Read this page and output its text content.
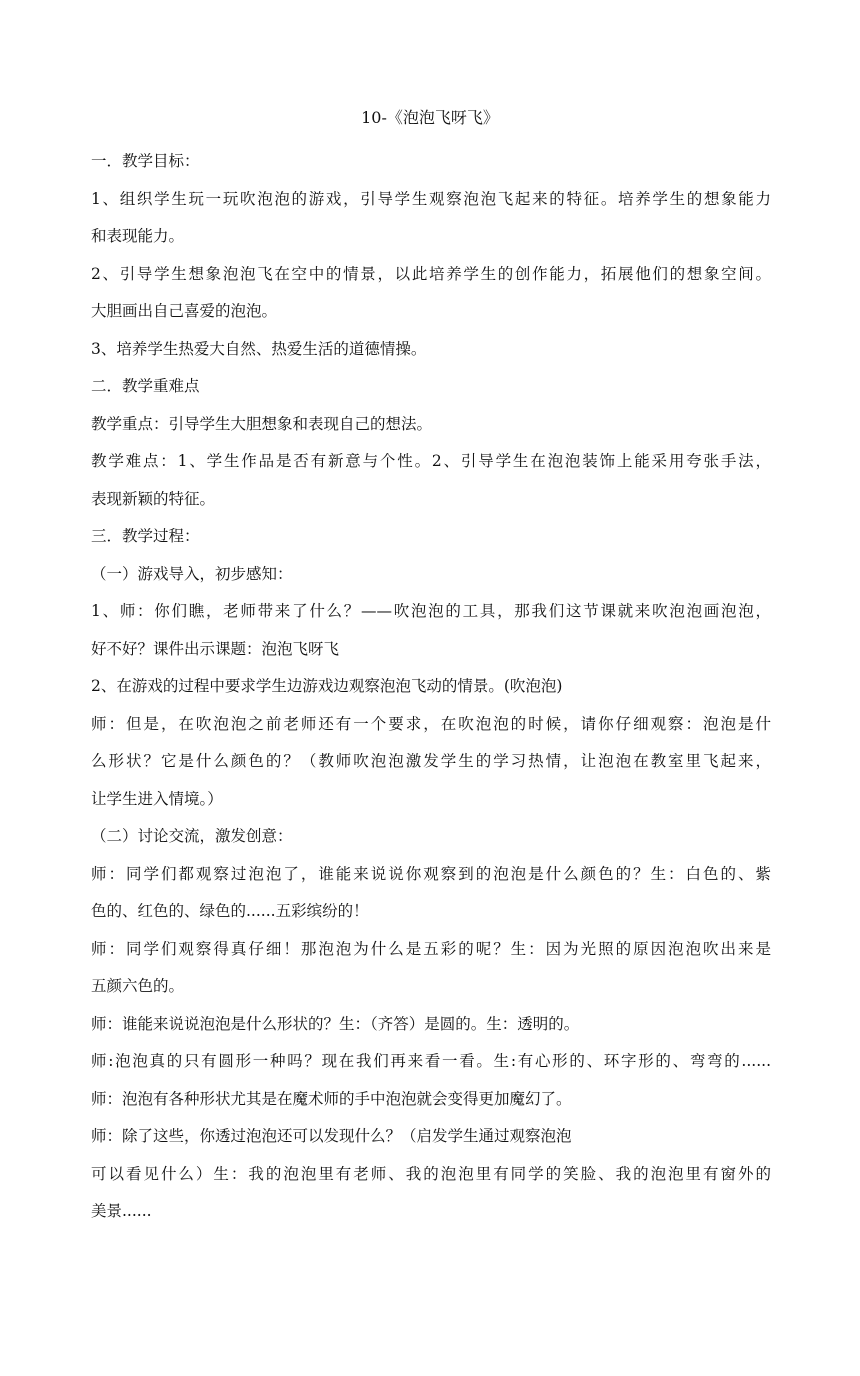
10-《泡泡飞呀飞》
一．教学目标：
1、组织学生玩一玩吹泡泡的游戏，引导学生观察泡泡飞起来的特征。培养学生的想象能力
和表现能力。
2、引导学生想象泡泡飞在空中的情景，以此培养学生的创作能力，拓展他们的想象空间。
大胆画出自己喜爱的泡泡。
3、培养学生热爱大自然、热爱生活的道德情操。
二．教学重难点
教学重点：引导学生大胆想象和表现自己的想法。
教学难点：1、学生作品是否有新意与个性。2、引导学生在泡泡装饰上能采用夸张手法，
表现新颖的特征。
三．教学过程：
（一）游戏导入，初步感知：
1、师：你们瞧，老师带来了什么？——吹泡泡的工具，那我们这节课就来吹泡泡画泡泡，
好不好？课件出示课题：泡泡飞呀飞
2、在游戏的过程中要求学生边游戏边观察泡泡飞动的情景。(吹泡泡)
师：但是，在吹泡泡之前老师还有一个要求，在吹泡泡的时候，请你仔细观察：泡泡是什
么形状？它是什么颜色的？（教师吹泡泡激发学生的学习热情，让泡泡在教室里飞起来，
让学生进入情境。）
（二）讨论交流，激发创意：
师：同学们都观察过泡泡了，谁能来说说你观察到的泡泡是什么颜色的？生：白色的、紫
色的、红色的、绿色的......五彩缤纷的！
师：同学们观察得真仔细！那泡泡为什么是五彩的呢？生：因为光照的原因泡泡吹出来是
五颜六色的。
师：谁能来说说泡泡是什么形状的？生：（齐答）是圆的。生：透明的。
师:泡泡真的只有圆形一种吗？现在我们再来看一看。生:有心形的、环字形的、弯弯的......
师：泡泡有各种形状尤其是在魔术师的手中泡泡就会变得更加魔幻了。
师：除了这些，你透过泡泡还可以发现什么？（启发学生通过观察泡泡
可以看见什么）生：我的泡泡里有老师、我的泡泡里有同学的笑脸、我的泡泡里有窗外的
美景......
